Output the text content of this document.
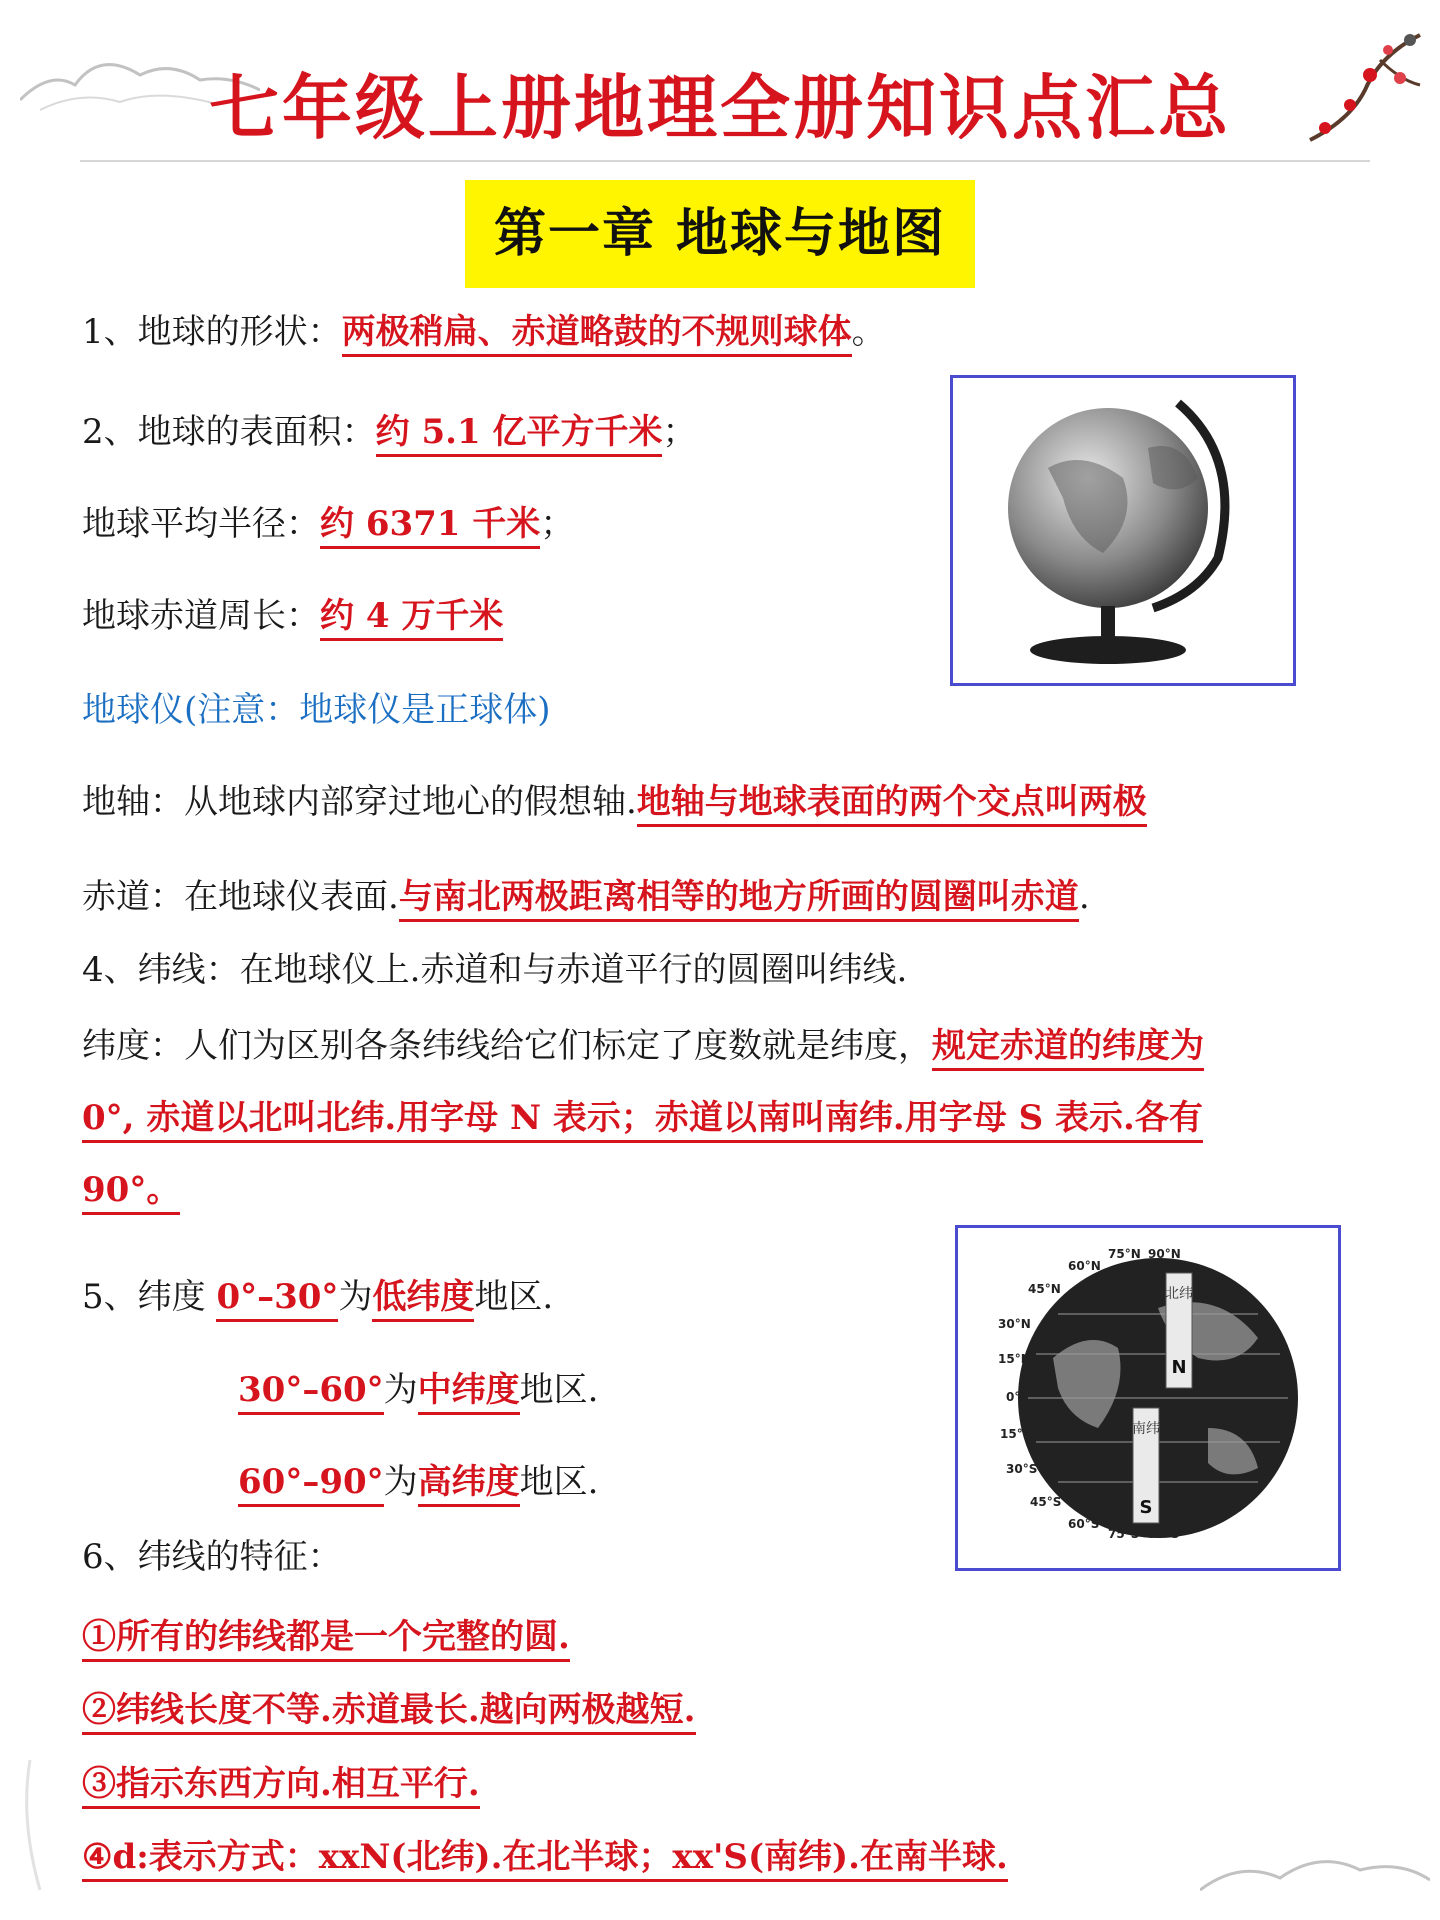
七年级上册地理全册知识点汇总
第一章 地球与地图
北纬
N
南纬
S
90°N
75°N
60°N
45°N
30°N
15°N
0°
15°S
30°S
45°S
60°S
75°S 90°S
1、地球的形状：两极稍扁、赤道略鼓的不规则球体。
2、地球的表面积：约 5.1 亿平方千米；
地球平均半径：约 6371 千米；
地球赤道周长：约 4 万千米
地球仪(注意：地球仪是正球体)
地轴：从地球内部穿过地心的假想轴.地轴与地球表面的两个交点叫两极
赤道：在地球仪表面.与南北两极距离相等的地方所画的圆圈叫赤道.
4、纬线：在地球仪上.赤道和与赤道平行的圆圈叫纬线.
纬度：人们为区别各条纬线给它们标定了度数就是纬度，规定赤道的纬度为
0°, 赤道以北叫北纬.用字母 N 表示；赤道以南叫南纬.用字母 S 表示.各有
90°。
5、纬度 0°–30°为低纬度地区.
30°–60°为中纬度地区.
60°–90°为高纬度地区.
6、纬线的特征：
①所有的纬线都是一个完整的圆.
②纬线长度不等.赤道最长.越向两极越短.
③指示东西方向.相互平行.
④d:表示方式：xxN(北纬).在北半球；xx'S(南纬).在南半球.
